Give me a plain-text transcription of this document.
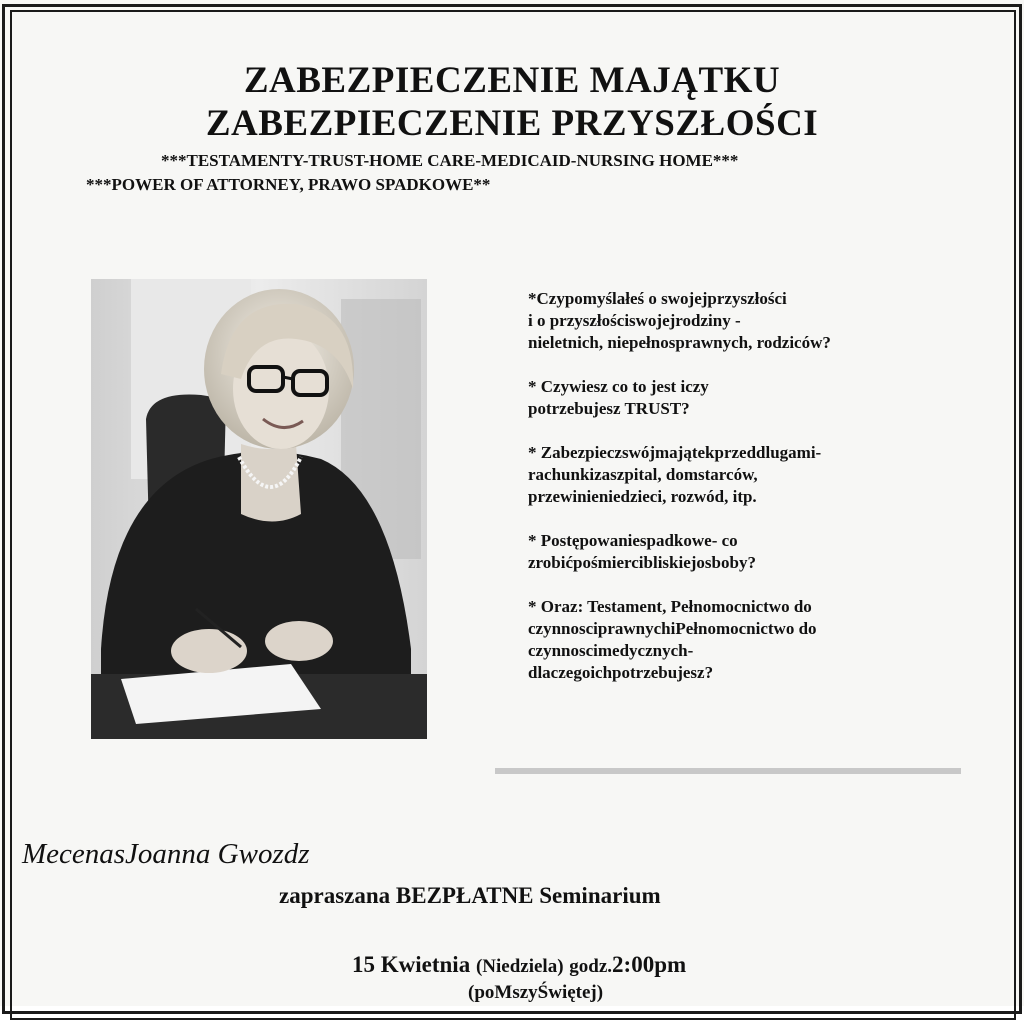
ZABEZPIECZENIE MAJĄTKU
ZABEZPIECZENIE PRZYSZŁOŚCI
***TESTAMENTY-TRUST-HOME CARE-MEDICAID-NURSING HOME***
***POWER OF ATTORNEY, PRAWO SPADKOWE**
*Czypomyślałeś o swojejprzyszłości
i o przyszłościswojejrodziny -
nieletnich, niepełnosprawnych, rodziców?
* Czywiesz co to jest iczy
potrzebujesz TRUST?
* Zabezpieczswójmajątekprzeddlugami-
rachunkizaszpital, domstarców,
przewinieniedzieci, rozwód, itp.
* Postępowaniespadkowe- co
zrobićpośmiercibliskiejosboby?
* Oraz: Testament, Pełnomocnictwo do
czynnosciprawnychiPełnomocnictwo do
czynnoscimedycznych-
dlaczegoichpotrzebujesz?
MecenasJoanna Gwozdz
zapraszana BEZPŁATNE Seminarium
15 Kwietnia (Niedziela) godz.2:00pm
(poMszyŚwiętej)
